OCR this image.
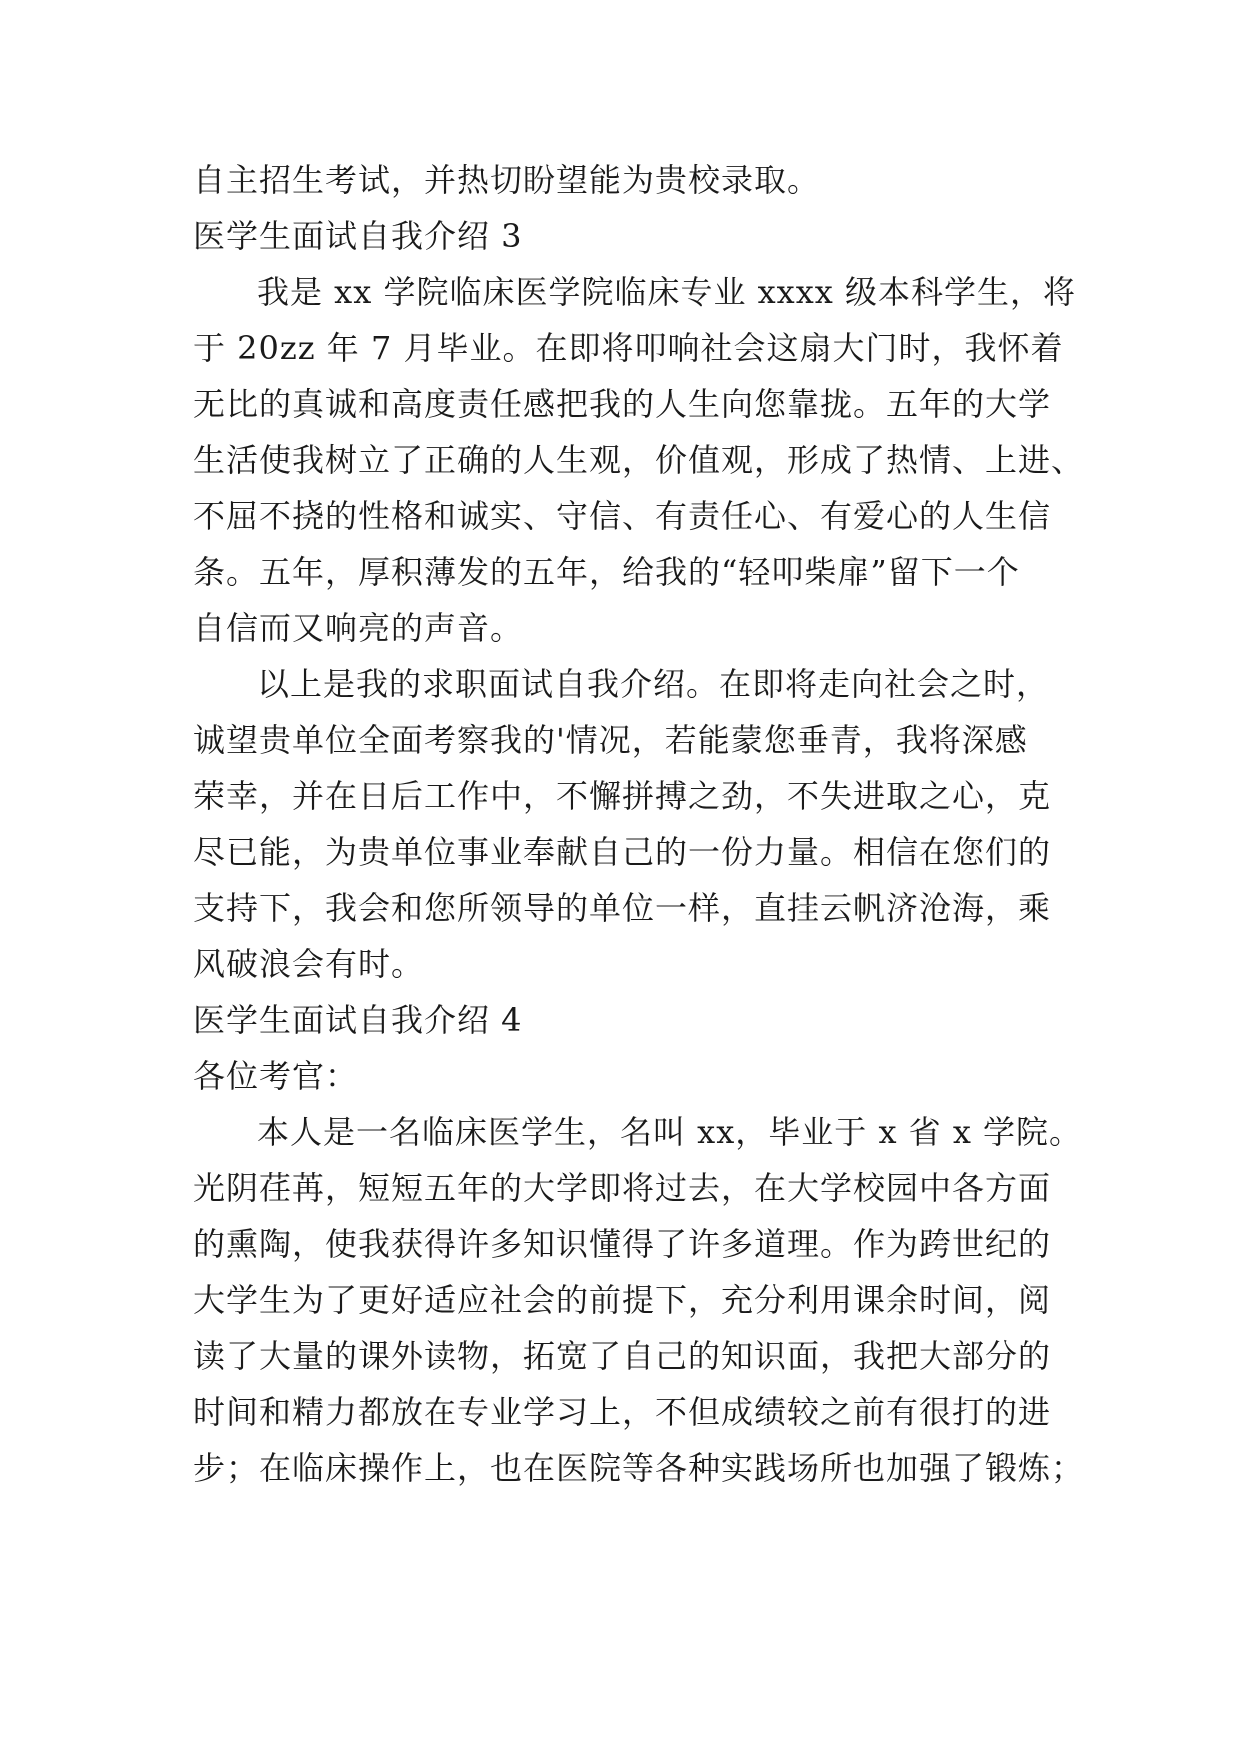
自主招生考试，并热切盼望能为贵校录取。
医学生面试自我介绍 3
我是 xx 学院临床医学院临床专业 xxxx 级本科学生，将
于 20zz 年 7 月毕业。在即将叩响社会这扇大门时，我怀着
无比的真诚和高度责任感把我的人生向您靠拢。五年的大学
生活使我树立了正确的人生观，价值观，形成了热情、上进、
不屈不挠的性格和诚实、守信、有责任心、有爱心的人生信
条。五年，厚积薄发的五年，给我的“轻叩柴扉”留下一个
自信而又响亮的声音。
以上是我的求职面试自我介绍。在即将走向社会之时，
诚望贵单位全面考察我的'情况，若能蒙您垂青，我将深感
荣幸，并在日后工作中，不懈拼搏之劲，不失进取之心，克
尽已能，为贵单位事业奉献自己的一份力量。相信在您们的
支持下，我会和您所领导的单位一样，直挂云帆济沧海，乘
风破浪会有时。
医学生面试自我介绍 4
各位考官：
本人是一名临床医学生，名叫 xx，毕业于 x 省 x 学院。
光阴荏苒，短短五年的大学即将过去，在大学校园中各方面
的熏陶，使我获得许多知识懂得了许多道理。作为跨世纪的
大学生为了更好适应社会的前提下，充分利用课余时间，阅
读了大量的课外读物，拓宽了自己的知识面，我把大部分的
时间和精力都放在专业学习上，不但成绩较之前有很打的进
步；在临床操作上，也在医院等各种实践场所也加强了锻炼；
